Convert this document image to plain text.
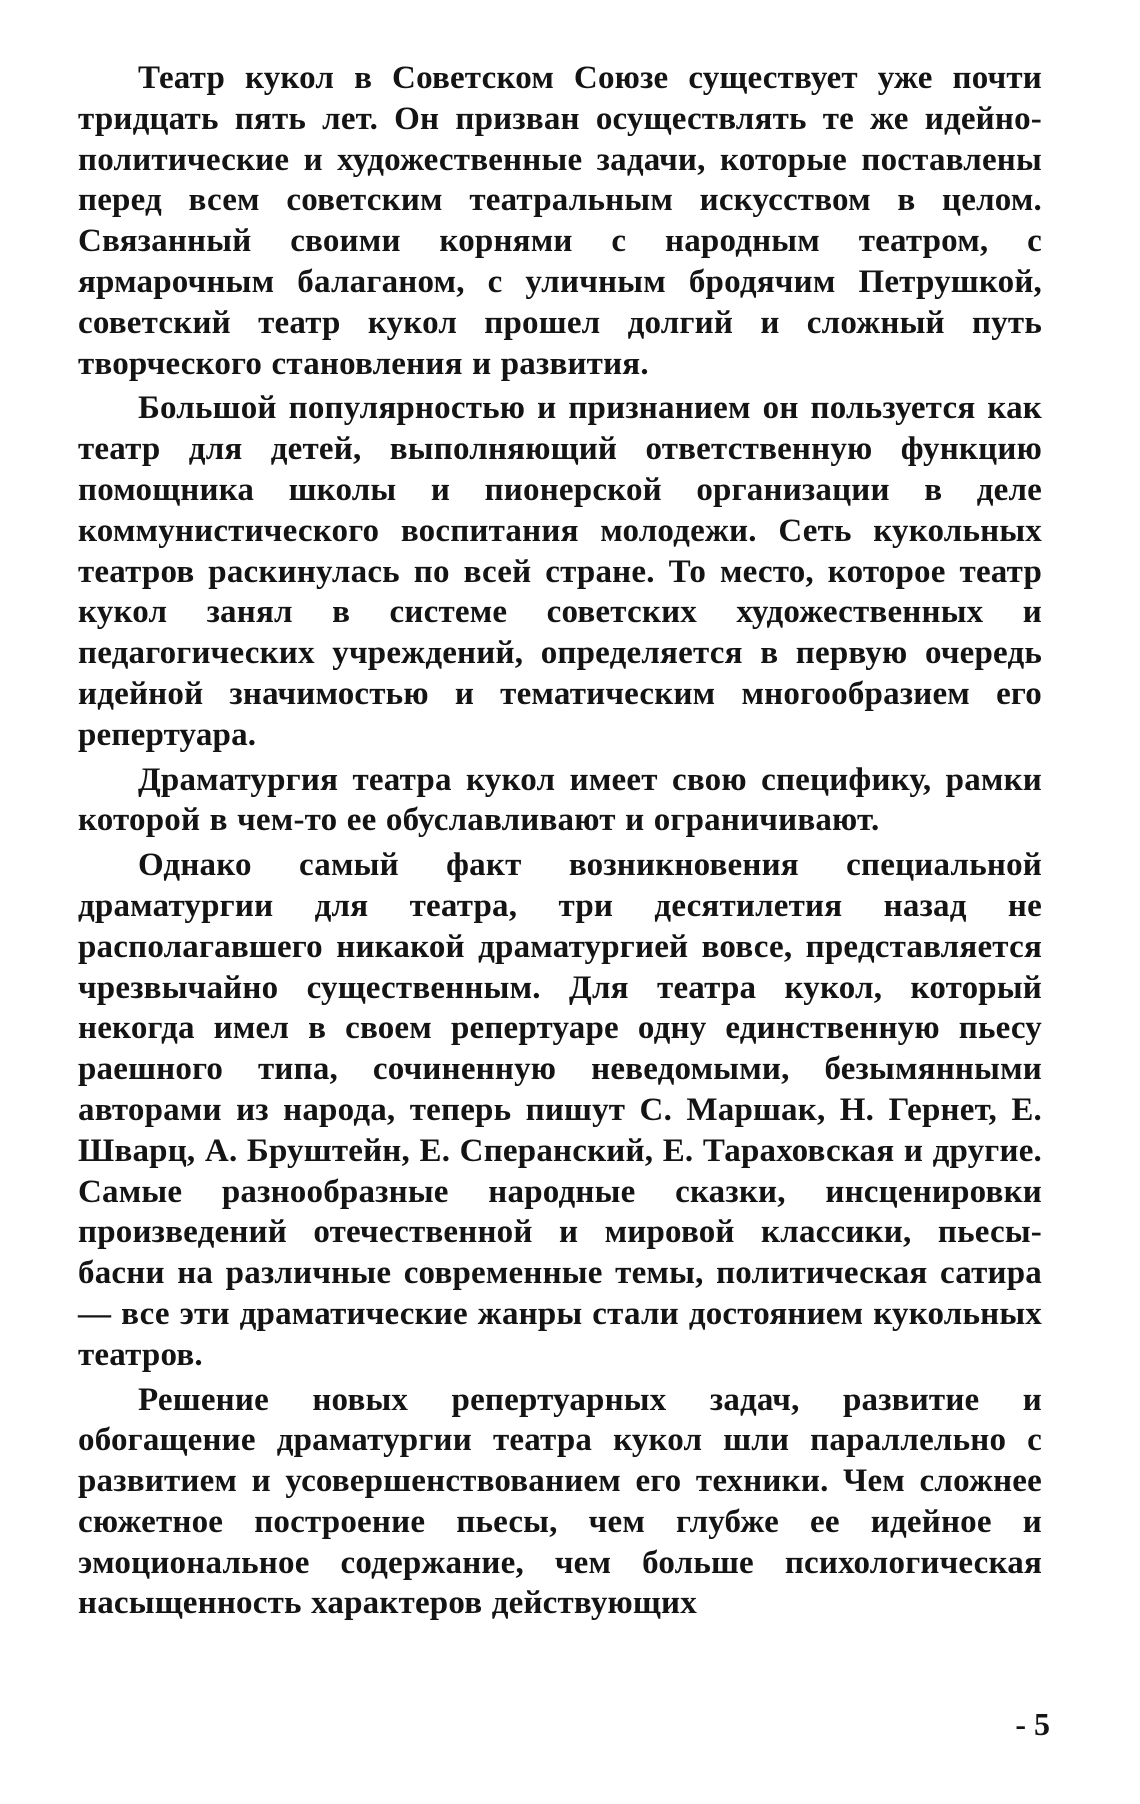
Театр кукол в Советском Союзе существует уже почти тридцать пять лет. Он призван осуществлять те же идейно-политические и художественные задачи, которые поставлены перед всем советским театральным искусством в целом. Связанный своими корнями с народным театром, с ярмарочным балаганом, с уличным бродячим Петрушкой, советский театр кукол прошел долгий и сложный путь творческого становления и развития.

Большой популярностью и признанием он пользуется как театр для детей, выполняющий ответственную функцию помощника школы и пионерской организации в деле коммунистического воспитания молодежи. Сеть кукольных театров раскинулась по всей стране. То место, которое театр кукол занял в системе советских художественных и педагогических учреждений, определяется в первую очередь идейной значимостью и тематическим многообразием его репертуара.

Драматургия театра кукол имеет свою специфику, рамки которой в чем-то ее обуславливают и ограничивают.

Однако самый факт возникновения специальной драматургии для театра, три десятилетия назад не располагавшего никакой драматургией вовсе, представляется чрезвычайно существенным. Для театра кукол, который некогда имел в своем репертуаре одну единственную пьесу раешного типа, сочиненную неведомыми, безымянными авторами из народа, теперь пишут С. Маршак, Н. Гернет, Е. Шварц, А. Бруштейн, Е. Сперанский, Е. Тараховская и другие. Самые разнообразные народные сказки, инсценировки произведений отечественной и мировой классики, пьесы-басни на различные современные темы, политическая сатира — все эти драматические жанры стали достоянием кукольных театров.

Решение новых репертуарных задач, развитие и обогащение драматургии театра кукол шли параллельно с развитием и усовершенствованием его техники. Чем сложнее сюжетное построение пьесы, чем глубже ее идейное и эмоциональное содержание, чем больше психологическая насыщенность характеров действующих

- 5
